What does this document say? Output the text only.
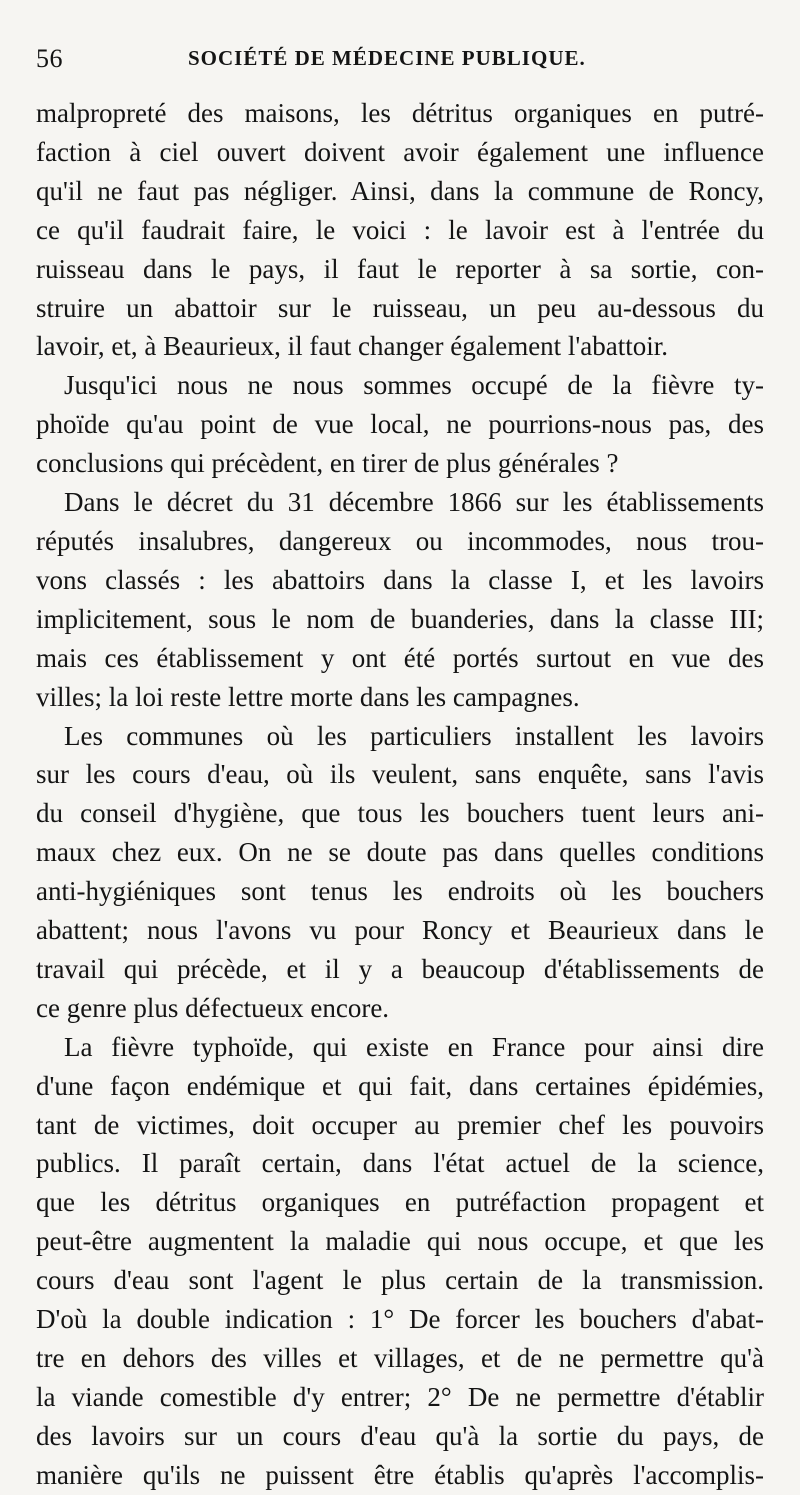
56	SOCIÉTÉ DE MÉDECINE PUBLIQUE.

malpropreté des maisons, les détritus organiques en putré-
faction à ciel ouvert doivent avoir également une influence
qu'il ne faut pas négliger. Ainsi, dans la commune de Roncy,
ce qu'il faudrait faire, le voici : le lavoir est à l'entrée du
ruisseau dans le pays, il faut le reporter à sa sortie, con-
struire un abattoir sur le ruisseau, un peu au-dessous du
lavoir, et, à Beaurieux, il faut changer également l'abattoir.

Jusqu'ici nous ne nous sommes occupé de la fièvre ty-
phoïde qu'au point de vue local, ne pourrions-nous pas, des
conclusions qui précèdent, en tirer de plus générales ?

Dans le décret du 31 décembre 1866 sur les établissements
réputés insalubres, dangereux ou incommodes, nous trou-
vons classés : les abattoirs dans la classe I, et les lavoirs
implicitement, sous le nom de buanderies, dans la classe III;
mais ces établissement y ont été portés surtout en vue des
villes; la loi reste lettre morte dans les campagnes.

Les communes où les particuliers installent les lavoirs
sur les cours d'eau, où ils veulent, sans enquête, sans l'avis
du conseil d'hygiène, que tous les bouchers tuent leurs ani-
maux chez eux. On ne se doute pas dans quelles conditions
anti-hygiéniques sont tenus les endroits où les bouchers
abattent; nous l'avons vu pour Roncy et Beaurieux dans le
travail qui précède, et il y a beaucoup d'établissements de
ce genre plus défectueux encore.

La fièvre typhoïde, qui existe en France pour ainsi dire
d'une façon endémique et qui fait, dans certaines épidémies,
tant de victimes, doit occuper au premier chef les pouvoirs
publics. Il paraît certain, dans l'état actuel de la science,
que les détritus organiques en putréfaction propagent et
peut-être augmentent la maladie qui nous occupe, et que les
cours d'eau sont l'agent le plus certain de la transmission.
D'où la double indication : 1° De forcer les bouchers d'abat-
tre en dehors des villes et villages, et de ne permettre qu'à
la viande comestible d'y entrer; 2° De ne permettre d'établir
des lavoirs sur un cours d'eau qu'à la sortie du pays, de
manière qu'ils ne puissent être établis qu'après l'accomplis-
